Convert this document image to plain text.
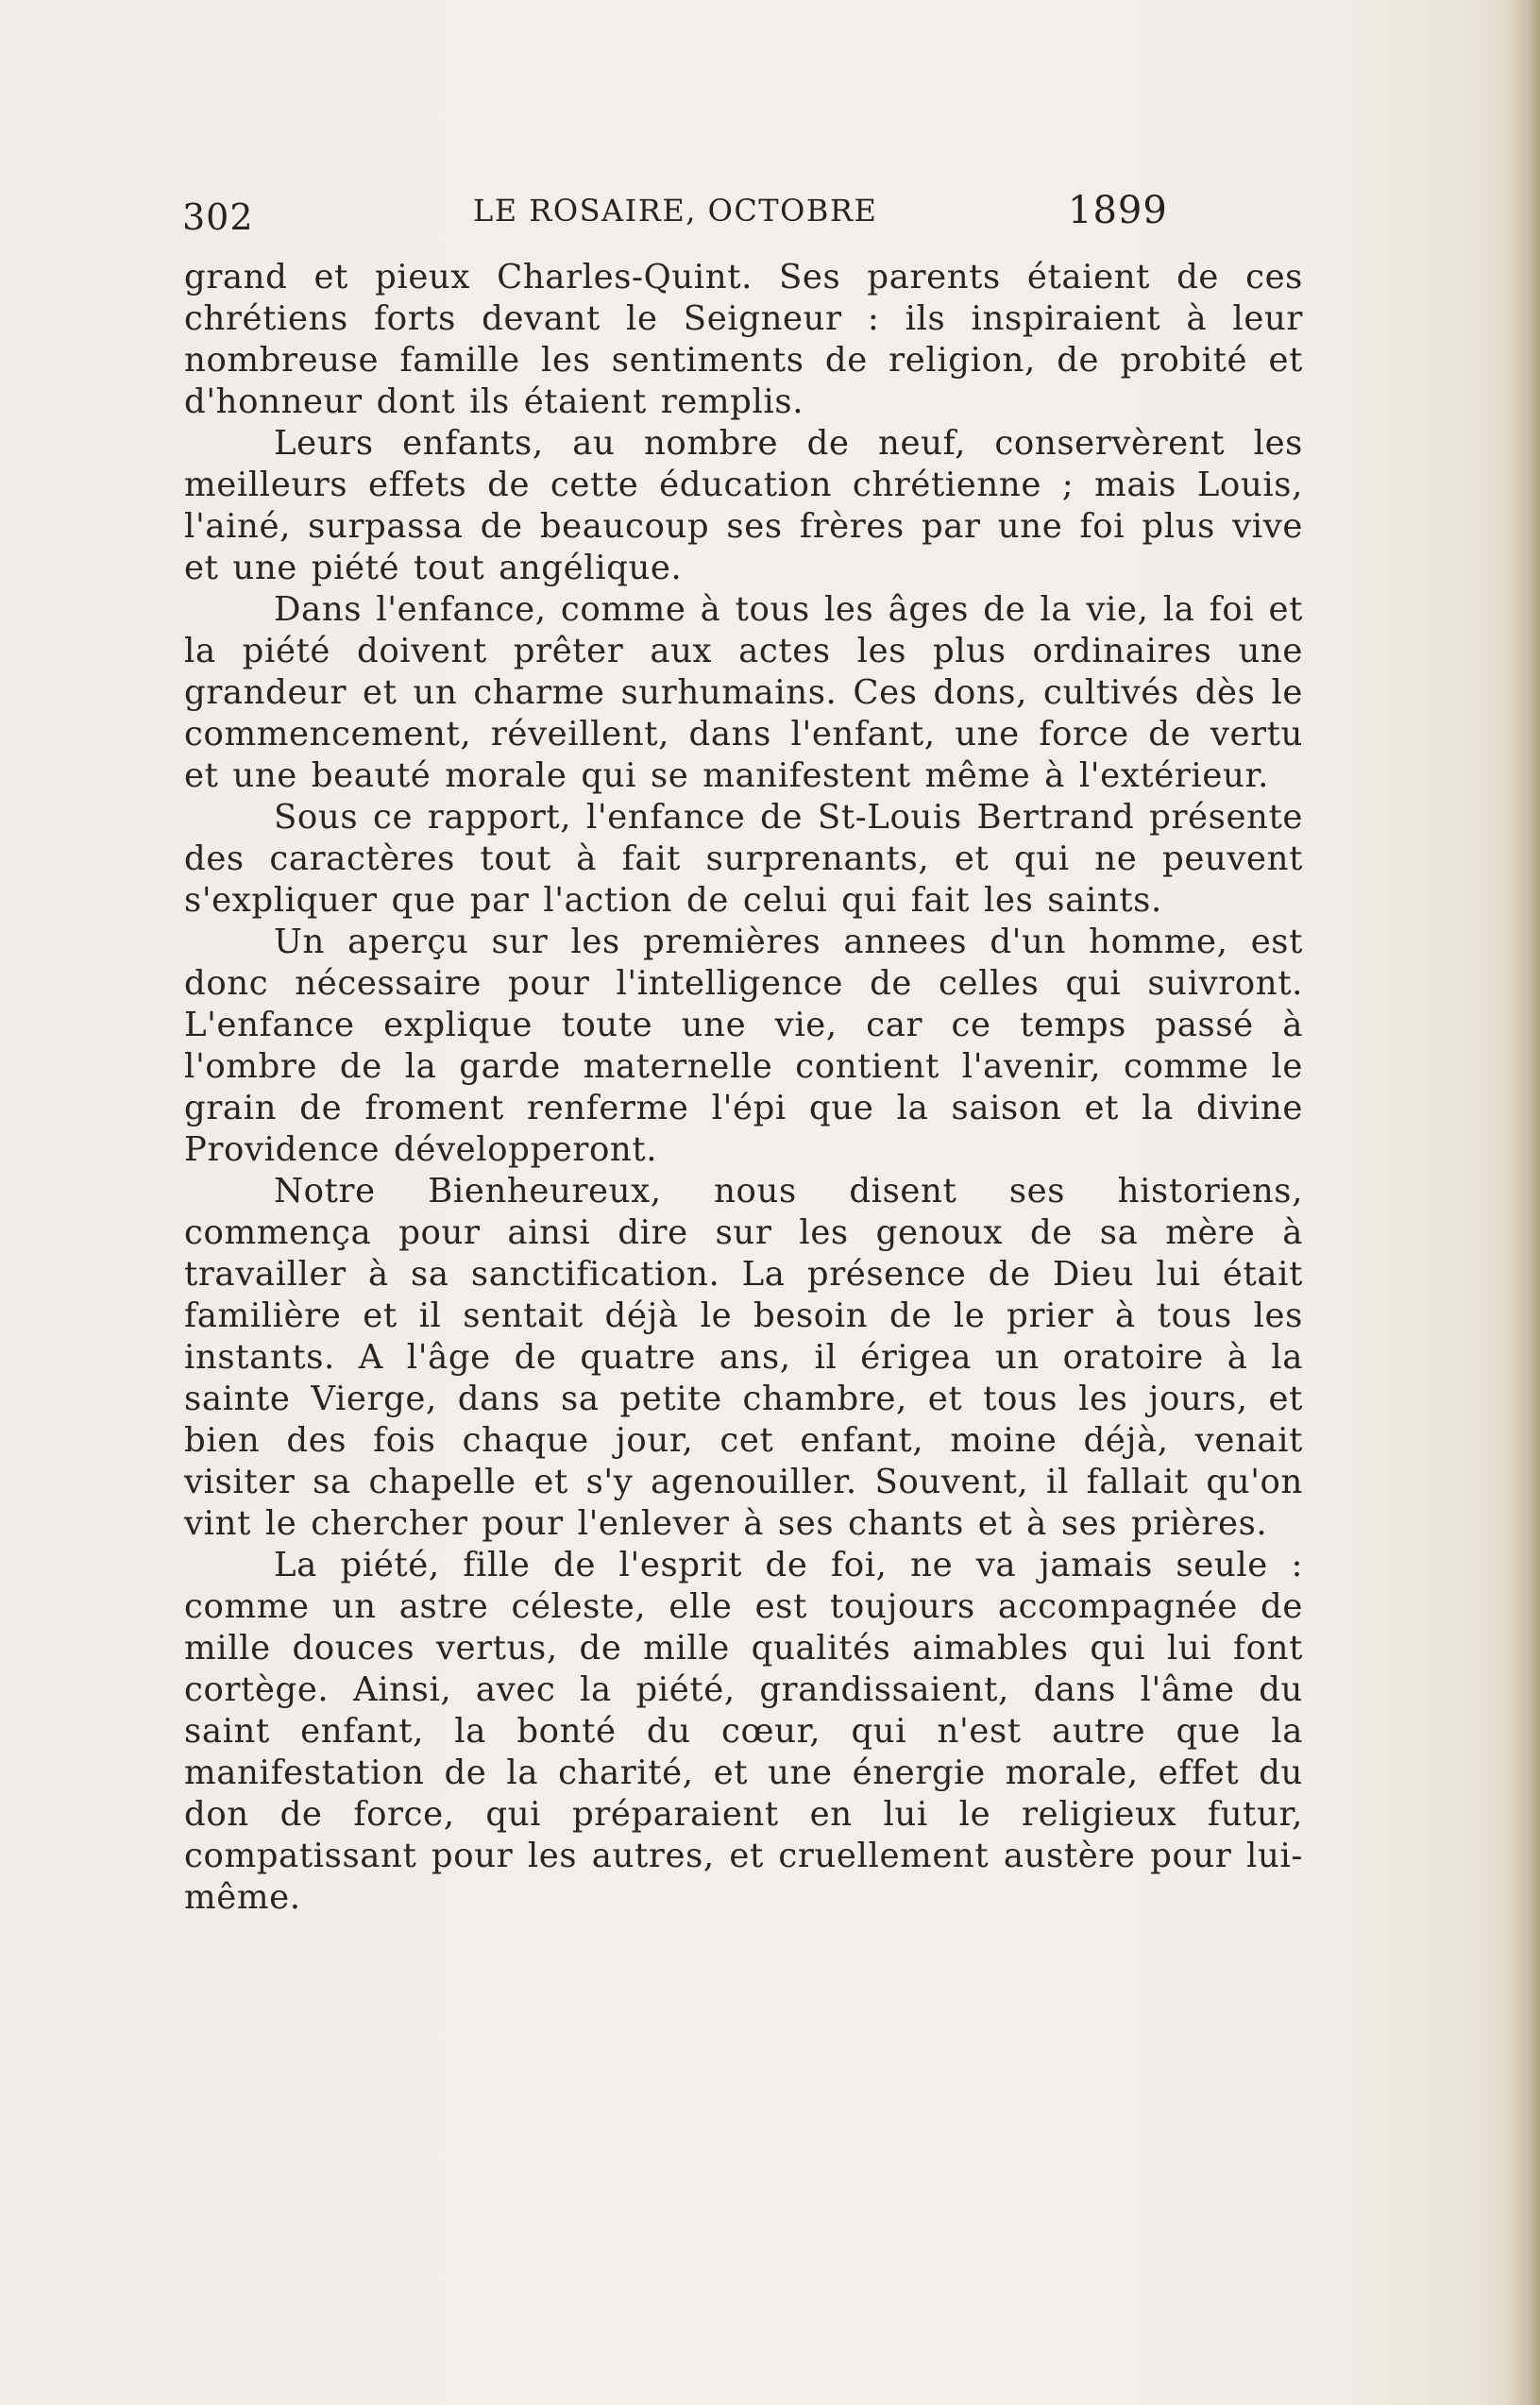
302	LE ROSAIRE, OCTOBRE	1899

grand et pieux Charles-Quint. Ses parents étaient de ces chrétiens forts devant le Seigneur : ils inspiraient à leur nombreuse famille les sentiments de religion, de probité et d'honneur dont ils étaient remplis.

Leurs enfants, au nombre de neuf, conservèrent les meilleurs effets de cette éducation chrétienne ; mais Louis, l'ainé, surpassa de beaucoup ses frères par une foi plus vive et une piété tout angélique.

Dans l'enfance, comme à tous les âges de la vie, la foi et la piété doivent prêter aux actes les plus ordinaires une grandeur et un charme surhumains. Ces dons, cultivés dès le commencement, réveillent, dans l'enfant, une force de vertu et une beauté morale qui se manifestent même à l'extérieur.

Sous ce rapport, l'enfance de St-Louis Bertrand présente des caractères tout à fait surprenants, et qui ne peuvent s'expliquer que par l'action de celui qui fait les saints.

Un aperçu sur les premières annees d'un homme, est donc nécessaire pour l'intelligence de celles qui suivront. L'enfance explique toute une vie, car ce temps passé à l'ombre de la garde maternelle contient l'avenir, comme le grain de froment renferme l'épi que la saison et la divine Providence développeront.

Notre Bienheureux, nous disent ses historiens, commença pour ainsi dire sur les genoux de sa mère à travailler à sa sanctification. La présence de Dieu lui était familière et il sentait déjà le besoin de le prier à tous les instants. A l'âge de quatre ans, il érigea un oratoire à la sainte Vierge, dans sa petite chambre, et tous les jours, et bien des fois chaque jour, cet enfant, moine déjà, venait visiter sa chapelle et s'y agenouiller. Souvent, il fallait qu'on vint le chercher pour l'enlever à ses chants et à ses prières.

La piété, fille de l'esprit de foi, ne va jamais seule : comme un astre céleste, elle est toujours accompagnée de mille douces vertus, de mille qualités aimables qui lui font cortège. Ainsi, avec la piété, grandissaient, dans l'âme du saint enfant, la bonté du cœur, qui n'est autre que la manifestation de la charité, et une énergie morale, effet du don de force, qui préparaient en lui le religieux futur, compatissant pour les autres, et cruellement austère pour lui-même.
